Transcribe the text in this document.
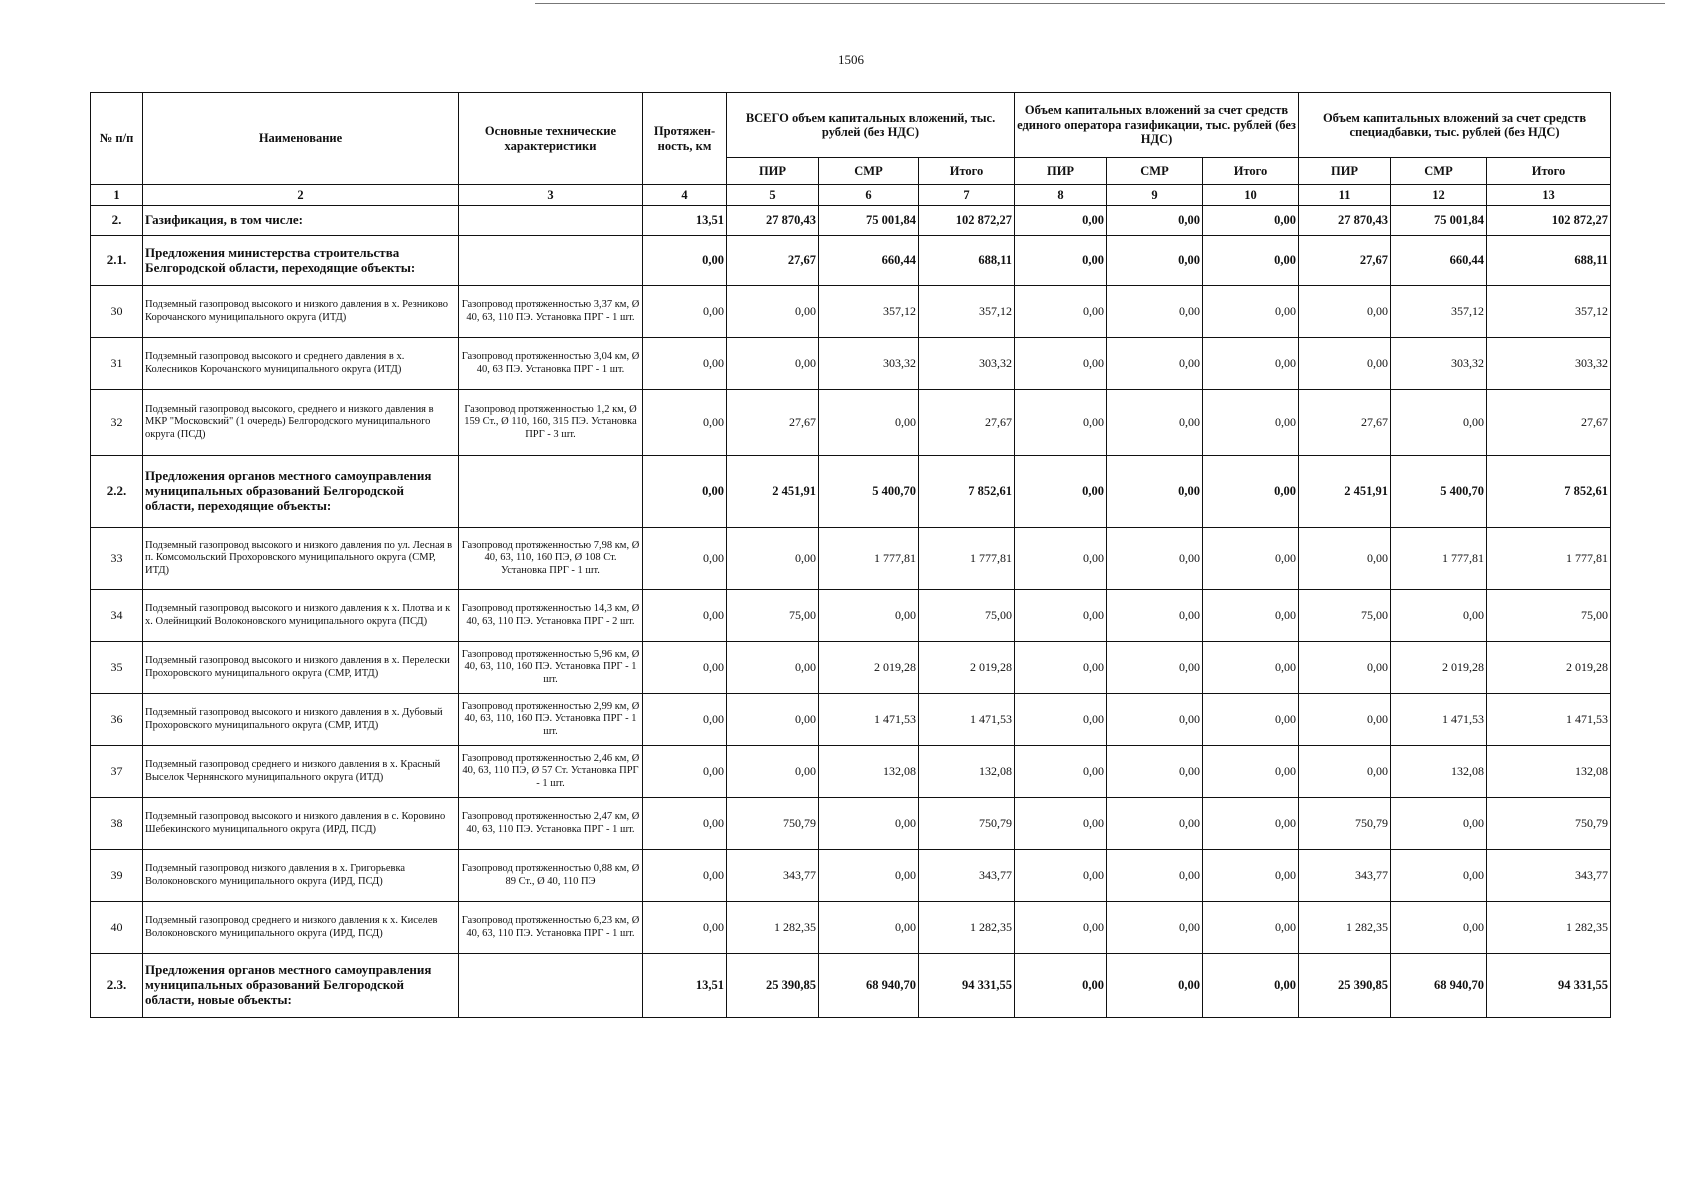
1506
№ п/п	Наименование	Основные технические характеристики	Протяжен-ность, км	ВСЕГО объем капитальных вложений, тыс. рублей (без НДС)			Объем капитальных вложений за счет средств единого оператора газификации, тыс. рублей (без НДС)			Объем капитальных вложений за счет средств специадбавки, тыс. рублей (без НДС)		
				ПИР	СМР	Итого	ПИР	СМР	Итого	ПИР	СМР	Итого
1	2	3	4	5	6	7	8	9	10	11	12	13
2.	Газификация, в том числе:		13,51	27 870,43	75 001,84	102 872,27	0,00	0,00	0,00	27 870,43	75 001,84	102 872,27
2.1.	Предложения министерства строительства Белгородской области, переходящие объекты:		0,00	27,67	660,44	688,11	0,00	0,00	0,00	27,67	660,44	688,11
30	Подземный газопровод высокого и низкого давления в х. Резниково Корочанского муниципального округа (ИТД)	Газопровод протяженностью 3,37 км, Ø 40, 63, 110 ПЭ. Установка ПРГ - 1 шт.	0,00	0,00	357,12	357,12	0,00	0,00	0,00	0,00	357,12	357,12
31	Подземный газопровод высокого и среднего давления в х. Колесников Корочанского муниципального округа (ИТД)	Газопровод протяженностью 3,04 км, Ø 40, 63 ПЭ. Установка ПРГ - 1 шт.	0,00	0,00	303,32	303,32	0,00	0,00	0,00	0,00	303,32	303,32
32	Подземный газопровод высокого, среднего и низкого давления в МКР "Московский" (1 очередь) Белгородского муниципального округа (ПСД)	Газопровод протяженностью 1,2 км, Ø 159 Ст., Ø 110, 160, 315 ПЭ. Установка ПРГ - 3 шт.	0,00	27,67	0,00	27,67	0,00	0,00	0,00	27,67	0,00	27,67
2.2.	Предложения органов местного самоуправления муниципальных образований Белгородской области, переходящие объекты:		0,00	2 451,91	5 400,70	7 852,61	0,00	0,00	0,00	2 451,91	5 400,70	7 852,61
33	Подземный газопровод высокого и низкого давления по ул. Лесная в п. Комсомольский Прохоровского муниципального округа (СМР, ИТД)	Газопровод протяженностью 7,98 км, Ø 40, 63, 110, 160 ПЭ, Ø 108 Ст. Установка ПРГ - 1 шт.	0,00	0,00	1 777,81	1 777,81	0,00	0,00	0,00	0,00	1 777,81	1 777,81
34	Подземный газопровод высокого и низкого давления к х. Плотва и к х. Олейницкий Волоконовского муниципального округа (ПСД)	Газопровод протяженностью 14,3 км, Ø 40, 63, 110 ПЭ. Установка ПРГ - 2 шт.	0,00	75,00	0,00	75,00	0,00	0,00	0,00	75,00	0,00	75,00
35	Подземный газопровод высокого и низкого давления в х. Перелески Прохоровского муниципального округа (СМР, ИТД)	Газопровод протяженностью 5,96 км, Ø 40, 63, 110, 160 ПЭ. Установка ПРГ - 1 шт.	0,00	0,00	2 019,28	2 019,28	0,00	0,00	0,00	0,00	2 019,28	2 019,28
36	Подземный газопровод высокого и низкого давления в х. Дубовый Прохоровского муниципального округа (СМР, ИТД)	Газопровод протяженностью 2,99 км, Ø 40, 63, 110, 160 ПЭ. Установка ПРГ - 1 шт.	0,00	0,00	1 471,53	1 471,53	0,00	0,00	0,00	0,00	1 471,53	1 471,53
37	Подземный газопровод среднего и низкого давления в х. Красный Выселок Чернянского муниципального округа (ИТД)	Газопровод протяженностью 2,46 км, Ø 40, 63, 110 ПЭ, Ø 57 Ст. Установка ПРГ - 1 шт.	0,00	0,00	132,08	132,08	0,00	0,00	0,00	0,00	132,08	132,08
38	Подземный газопровод высокого и низкого давления в с. Коровино Шебекинского муниципального округа (ИРД, ПСД)	Газопровод протяженностью 2,47 км, Ø 40, 63, 110 ПЭ. Установка ПРГ - 1 шт.	0,00	750,79	0,00	750,79	0,00	0,00	0,00	750,79	0,00	750,79
39	Подземный газопровод низкого давления в х. Григорьевка Волоконовского муниципального округа (ИРД, ПСД)	Газопровод протяженностью 0,88 км, Ø 89 Ст., Ø 40, 110 ПЭ	0,00	343,77	0,00	343,77	0,00	0,00	0,00	343,77	0,00	343,77
40	Подземный газопровод среднего и низкого давления к х. Киселев Волоконовского муниципального округа (ИРД, ПСД)	Газопровод протяженностью 6,23 км, Ø 40, 63, 110 ПЭ. Установка ПРГ - 1 шт.	0,00	1 282,35	0,00	1 282,35	0,00	0,00	0,00	1 282,35	0,00	1 282,35
2.3.	Предложения органов местного самоуправления муниципальных образований Белгородской области, новые объекты:		13,51	25 390,85	68 940,70	94 331,55	0,00	0,00	0,00	25 390,85	68 940,70	94 331,55
